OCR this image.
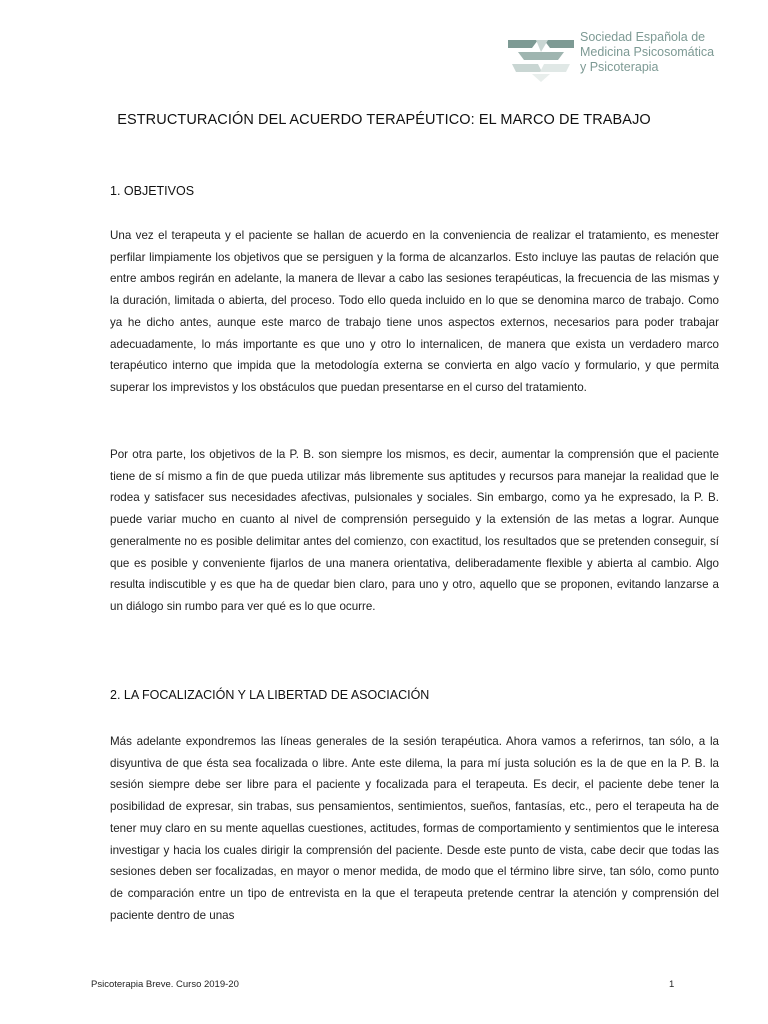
Sociedad Española de
Medicina Psicosomática
y Psicoterapia
ESTRUCTURACIÓN DEL ACUERDO TERAPÉUTICO: EL MARCO DE TRABAJO
1. OBJETIVOS

Una vez el terapeuta y el paciente se hallan de acuerdo en la conveniencia de realizar el tratamiento, es menester perfilar limpiamente los objetivos que se persiguen y la forma de alcanzarlos. Esto incluye las pautas de relación que entre ambos regirán en adelante, la manera de llevar a cabo las sesiones terapéuticas, la frecuencia de las mismas y la duración, limitada o abierta, del proceso. Todo ello queda incluido en lo que se denomina marco de trabajo. Como ya he dicho antes, aunque este marco de trabajo tiene unos aspectos externos, necesarios para poder trabajar adecuadamente, lo más importante es que uno y otro lo internalicen, de manera que exista un verdadero marco terapéutico interno que impida que la metodología externa se convierta en algo vacío y formulario, y que permita superar los imprevistos y los obstáculos que puedan presentarse en el curso del tratamiento.

Por otra parte, los objetivos de la P. B. son siempre los mismos, es decir, aumentar la comprensión que el paciente tiene de sí mismo a fin de que pueda utilizar más libremente sus aptitudes y recursos para manejar la realidad que le rodea y satisfacer sus necesidades afectivas, pulsionales y sociales. Sin embargo, como ya he expresado, la P. B. puede variar mucho en cuanto al nivel de comprensión perseguido y la extensión de las metas a lograr. Aunque generalmente no es posible delimitar antes del comienzo, con exactitud, los resultados que se pretenden conseguir, sí que es posible y conveniente fijarlos de una manera orientativa, deliberadamente flexible y abierta al cambio. Algo resulta indiscutible y es que ha de quedar bien claro, para uno y otro, aquello que se proponen, evitando lanzarse a un diálogo sin rumbo para ver qué es lo que ocurre.

2. LA FOCALIZACIÓN Y LA LIBERTAD DE ASOCIACIÓN

Más adelante expondremos las líneas generales de la sesión terapéutica. Ahora vamos a referirnos, tan sólo, a la disyuntiva de que ésta sea focalizada o libre. Ante este dilema, la para mí justa solución es la de que en la P. B. la sesión siempre debe ser libre para el paciente y focalizada para el terapeuta. Es decir, el paciente debe tener la posibilidad de expresar, sin trabas, sus pensamientos, sentimientos, sueños, fantasías, etc., pero el terapeuta ha de tener muy claro en su mente aquellas cuestiones, actitudes, formas de comportamiento y sentimientos que le interesa investigar y hacia los cuales dirigir la comprensión del paciente. Desde este punto de vista, cabe decir que todas las sesiones deben ser focalizadas, en mayor o menor medida, de modo que el término libre sirve, tan sólo, como punto de comparación entre un tipo de entrevista en la que el terapeuta pretende centrar la atención y comprensión del paciente dentro de unas

Psicoterapia Breve. Curso 2019-20	1
